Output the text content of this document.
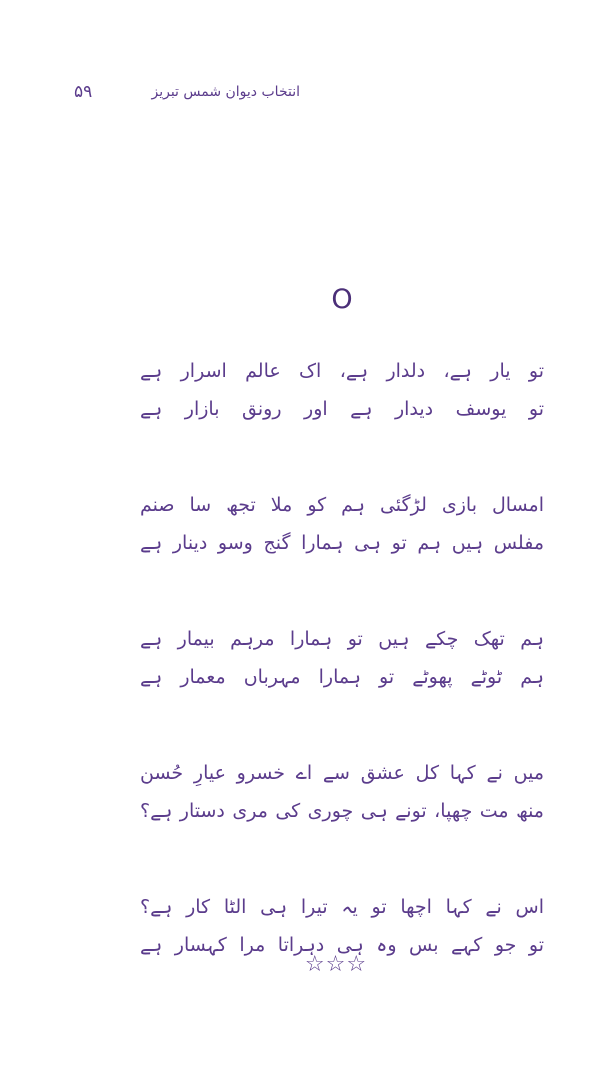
۵۹	انتخاب دیوان شمس تبریز
O
تو یار ہے، دلدار ہے، اک عالم اسرار ہے
تو یوسف دیدار ہے اور رونق بازار ہے
امسال بازی لڑگئی ہم کو ملا تجھ سا صنم
مفلس ہیں ہم تو ہی ہمارا گنج وسو دینار ہے
ہم تھک چکے ہیں تو ہمارا مرہم بیمار ہے
ہم ٹوٹے پھوٹے تو ہمارا مہرباں معمار ہے
میں نے کہا کل عشق سے اے خسرو عیارِ حُسن
منھ مت چھپا، تونے ہی چوری کی مری دستار ہے؟
اس نے کہا اچھا تو یہ تیرا ہی الٹا کار ہے؟
تو جو کہے بس وہ ہی دہراتا مرا کہسار ہے
☆☆☆
